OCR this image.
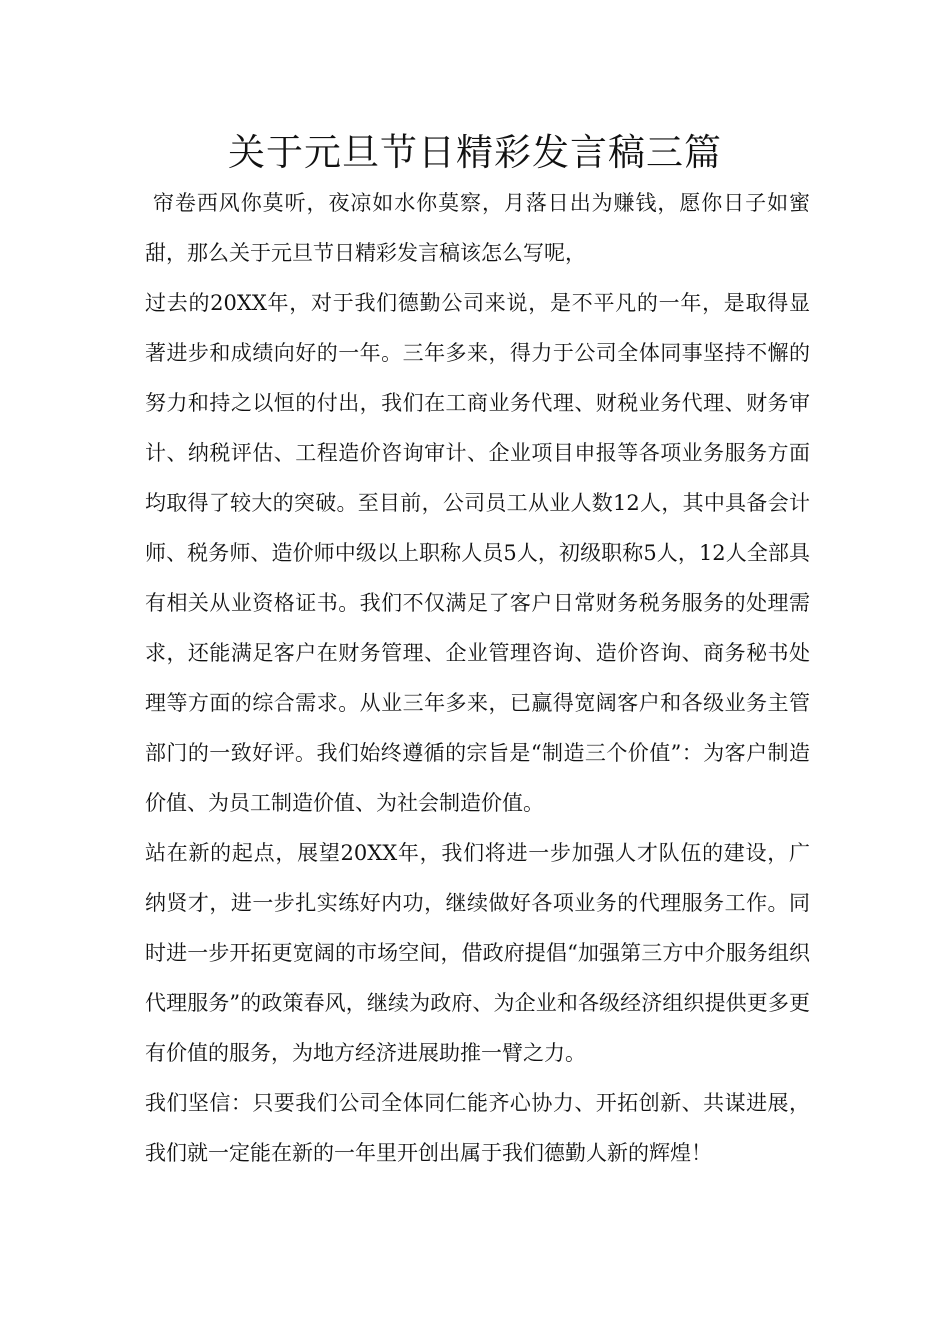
关于元旦节日精彩发言稿三篇

帘卷西风你莫听，夜凉如水你莫察，月落日出为赚钱，愿你日子如蜜甜，那么关于元旦节日精彩发言稿该怎么写呢，

过去的20XX年，对于我们德勤公司来说，是不平凡的一年，是取得显著进步和成绩向好的一年。三年多来，得力于公司全体同事坚持不懈的努力和持之以恒的付出，我们在工商业务代理、财税业务代理、财务审计、纳税评估、工程造价咨询审计、企业项目申报等各项业务服务方面均取得了较大的突破。至目前，公司员工从业人数12人，其中具备会计师、税务师、造价师中级以上职称人员5人，初级职称5人，12人全部具有相关从业资格证书。我们不仅满足了客户日常财务税务服务的处理需求，还能满足客户在财务管理、企业管理咨询、造价咨询、商务秘书处理等方面的综合需求。从业三年多来，已赢得宽阔客户和各级业务主管部门的一致好评。我们始终遵循的宗旨是“制造三个价值”：为客户制造价值、为员工制造价值、为社会制造价值。

站在新的起点，展望20XX年，我们将进一步加强人才队伍的建设，广纳贤才，进一步扎实练好内功，继续做好各项业务的代理服务工作。同时进一步开拓更宽阔的市场空间，借政府提倡“加强第三方中介服务组织代理服务”的政策春风，继续为政府、为企业和各级经济组织提供更多更有价值的服务，为地方经济进展助推一臂之力。

我们坚信：只要我们公司全体同仁能齐心协力、开拓创新、共谋进展，我们就一定能在新的一年里开创出属于我们德勤人新的辉煌！
